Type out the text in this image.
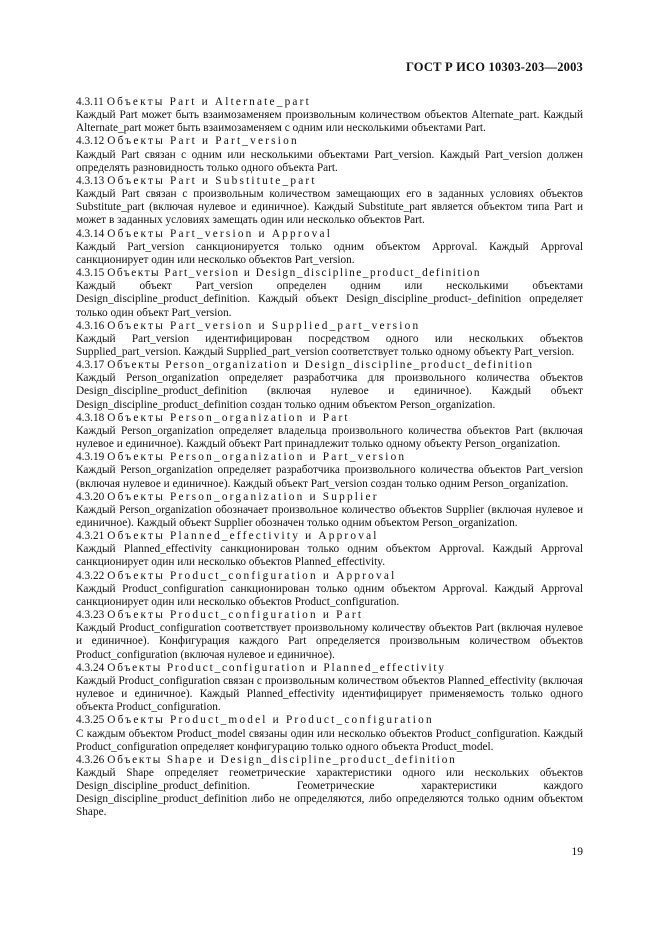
ГОСТ Р ИСО 10303-203—2003
4.3.11 Объекты Part и Alternate_part

Каждый Part может быть взаимозаменяем произвольным количеством объектов Alternate_part. Каждый Alternate_part может быть взаимозаменяем с одним или несколькими объектами Part.

4.3.12 Объекты Part и Part_version

Каждый Part связан с одним или несколькими объектами Part_version. Каждый Part_version должен определять разновидность только одного объекта Part.

4.3.13 Объекты Part и Substitute_part

Каждый Part связан с произвольным количеством замещающих его в заданных условиях объектов Substitute_part (включая нулевое и единичное). Каждый Substitute_part является объектом типа Part и может в заданных условиях замещать один или несколько объектов Part.

4.3.14 Объекты Part_version и Approval

Каждый Part_version санкционируется только одним объектом Approval. Каждый Approval санкционирует один или несколько объектов Part_version.

4.3.15 Объекты Part_version и Design_discipline_product_definition

Каждый объект Part_version определен одним или несколькими объектами Design_discipline_product_definition. Каждый объект Design_discipline_product-_definition определяет только один объект Part_version.

4.3.16 Объекты Part_version и Supplied_part_version

Каждый Part_version идентифицирован посредством одного или нескольких объектов Supplied_part_version. Каждый Supplied_part_version соответствует только одному объекту Part_version.

4.3.17 Объекты Person_organization и Design_discipline_product_definition

Каждый Person_organization определяет разработчика для произвольного количества объектов Design_discipline_product_definition (включая нулевое и единичное). Каждый объект Design_discipline_product_definition создан только одним объектом Person_organization.

4.3.18 Объекты Person_organization и Part

Каждый Person_organization определяет владельца произвольного количества объектов Part (включая нулевое и единичное). Каждый объект Part принадлежит только одному объекту Person_organization.

4.3.19 Объекты Person_organization и Part_version

Каждый Person_organization определяет разработчика произвольного количества объектов Part_version (включая нулевое и единичное). Каждый объект Part_version создан только одним Person_organization.

4.3.20 Объекты Person_organization и Supplier

Каждый Person_organization обозначает произвольное количество объектов Supplier (включая нулевое и единичное). Каждый объект Supplier обозначен только одним объектом Person_organization.

4.3.21 Объекты Planned_effectivity и Approval

Каждый Planned_effectivity санкционирован только одним объектом Approval. Каждый Approval санкционирует один или несколько объектов Planned_effectivity.

4.3.22 Объекты Product_configuration и Approval

Каждый Product_configuration санкционирован только одним объектом Approval. Каждый Approval санкционирует один или несколько объектов Product_configuration.

4.3.23 Объекты Product_configuration и Part

Каждый Product_configuration соответствует произвольному количеству объектов Part (включая нулевое и единичное). Конфигурация каждого Part определяется произвольным количеством объектов Product_configuration (включая нулевое и единичное).

4.3.24 Объекты Product_configuration и Planned_effectivity

Каждый Product_configuration связан с произвольным количеством объектов Planned_effectivity (включая нулевое и единичное). Каждый Planned_effectivity идентифицирует применяемость только одного объекта Product_configuration.

4.3.25 Объекты Product_model и Product_configuration

С каждым объектом Product_model связаны один или несколько объектов Product_configuration. Каждый Product_configuration определяет конфигурацию только одного объекта Product_model.

4.3.26 Объекты Shape и Design_discipline_product_definition

Каждый Shape определяет геометрические характеристики одного или нескольких объектов Design_discipline_product_definition. Геометрические характеристики каждого Design_discipline_product_definition либо не определяются, либо определяются только одним объектом Shape.

19
